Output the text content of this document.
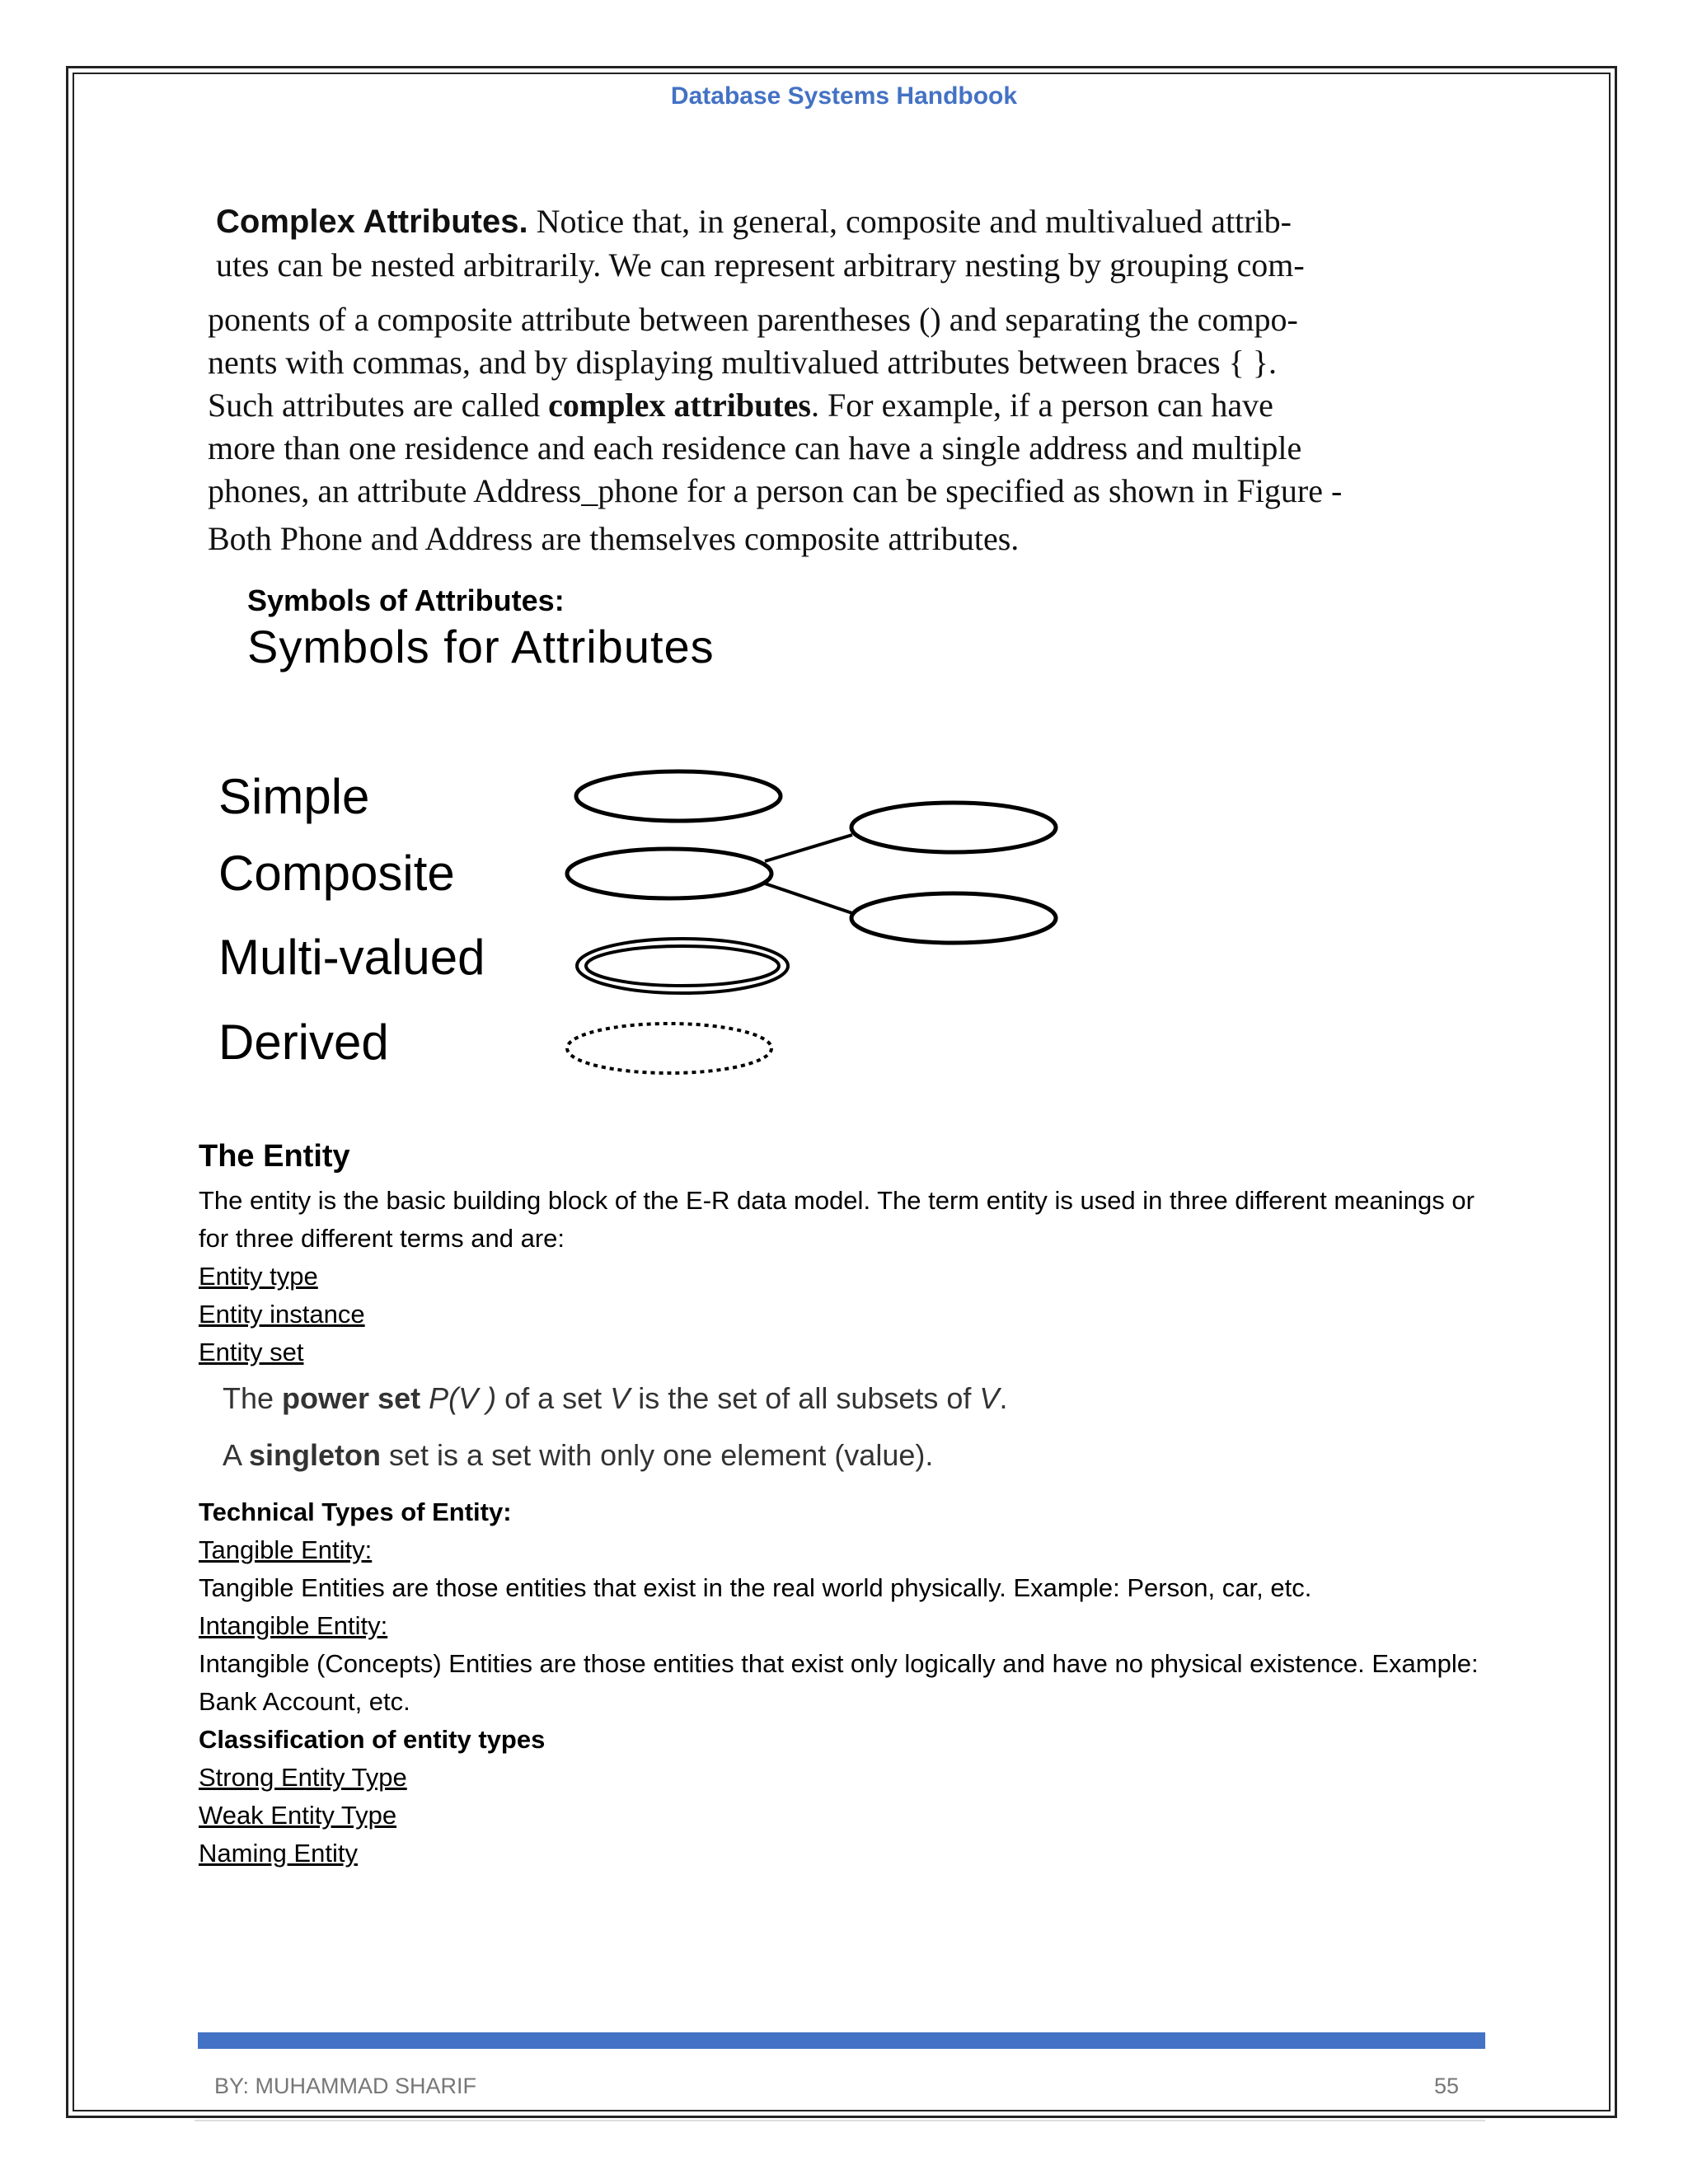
Database Systems Handbook
Complex Attributes. Notice that, in general, composite and multivalued attrib-
utes can be nested arbitrarily. We can represent arbitrary nesting by grouping com-
ponents of a composite attribute between parentheses () and separating the compo-
nents with commas, and by displaying multivalued attributes between braces { }.
Such attributes are called complex attributes. For example, if a person can have
more than one residence and each residence can have a single address and multiple
phones, an attribute Address_phone for a person can be specified as shown in Figure -
Both Phone and Address are themselves composite attributes.
Symbols of Attributes:
Symbols for Attributes
Simple
Composite
Multi-valued
Derived
The Entity
The entity is the basic building block of the E-R data model. The term entity is used in three different meanings or
for three different terms and are:
Entity type
Entity instance
Entity set
The power set P(V ) of a set V is the set of all subsets of V.
A singleton set is a set with only one element (value).
Technical Types of Entity:
Tangible Entity:
Tangible Entities are those entities that exist in the real world physically. Example: Person, car, etc.
Intangible Entity:
Intangible (Concepts) Entities are those entities that exist only logically and have no physical existence. Example:
Bank Account, etc.
Classification of entity types
Strong Entity Type
Weak Entity Type
Naming Entity
BY: MUHAMMAD SHARIF	55
